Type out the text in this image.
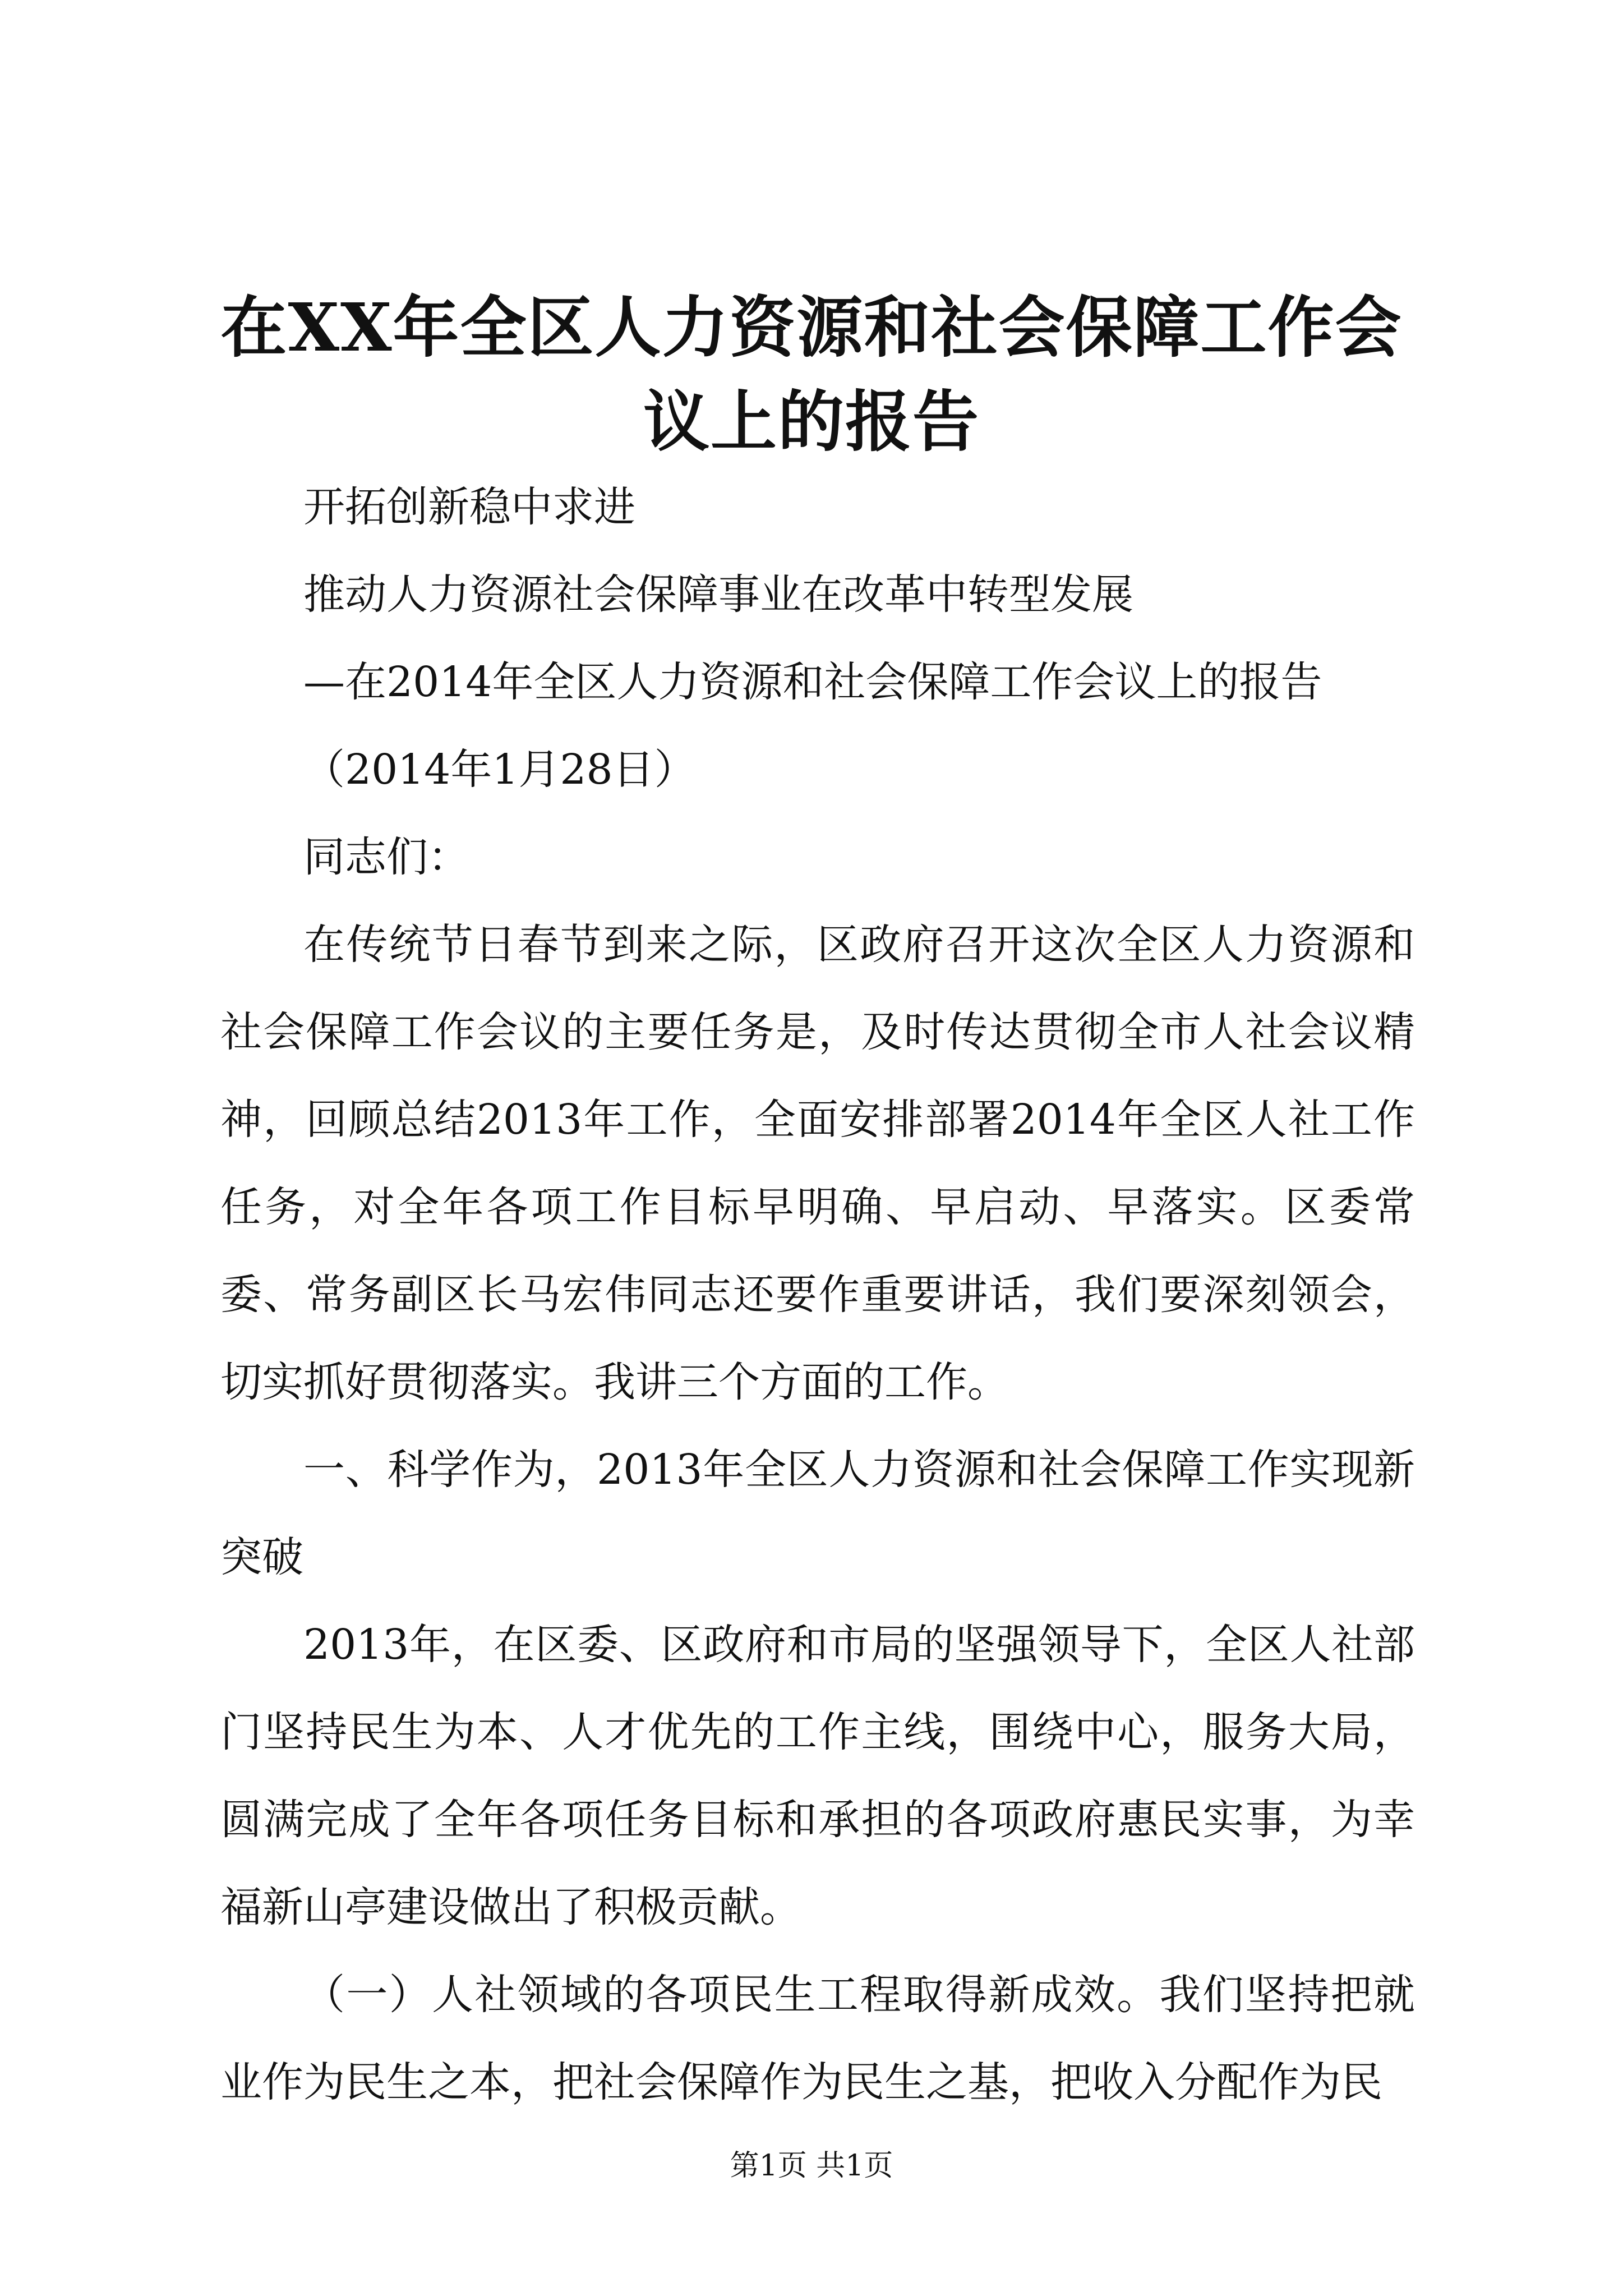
在XX年全区人力资源和社会保障工作会议上的报告

开拓创新稳中求进

推动人力资源社会保障事业在改革中转型发展

—在2014年全区人力资源和社会保障工作会议上的报告

（2014年1月28日）

同志们：

在传统节日春节到来之际，区政府召开这次全区人力资源和社会保障工作会议的主要任务是，及时传达贯彻全市人社会议精神，回顾总结2013年工作，全面安排部署2014年全区人社工作任务，对全年各项工作目标早明确、早启动、早落实。区委常委、常务副区长马宏伟同志还要作重要讲话，我们要深刻领会，切实抓好贯彻落实。我讲三个方面的工作。

一、科学作为，2013年全区人力资源和社会保障工作实现新突破

2013年，在区委、区政府和市局的坚强领导下，全区人社部门坚持民生为本、人才优先的工作主线，围绕中心，服务大局，圆满完成了全年各项任务目标和承担的各项政府惠民实事，为幸福新山亭建设做出了积极贡献。

（一）人社领域的各项民生工程取得新成效。我们坚持把就业作为民生之本，把社会保障作为民生之基，把收入分配作为民

第1页 共1页
